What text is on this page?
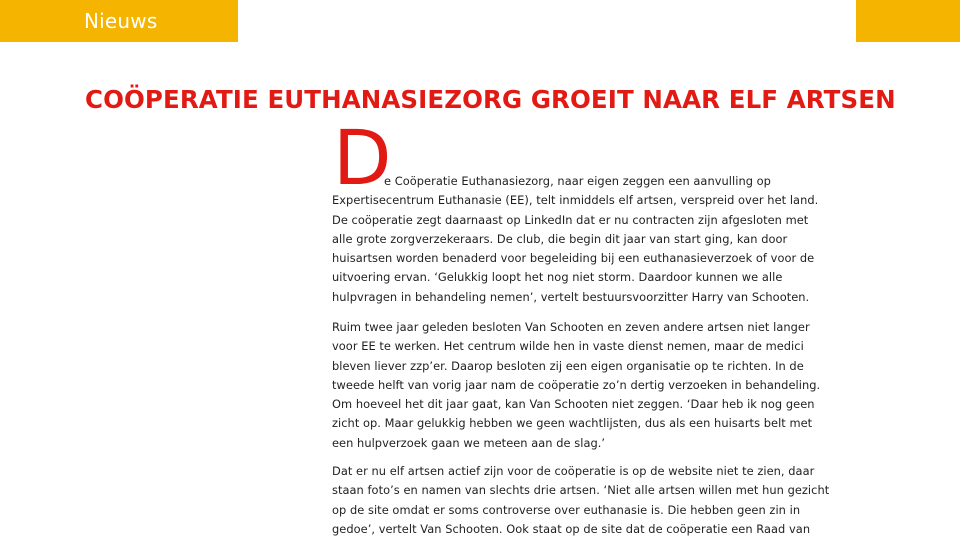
Nieuws
COÖPERATIE EUTHANASIEZORG GROEIT NAAR ELF ARTSEN
D

e Coöperatie Euthanasiezorg, naar eigen zeggen een aanvulling op
Expertisecentrum Euthanasie (EE), telt inmiddels elf artsen, verspreid over het land.
De coöperatie zegt daarnaast op LinkedIn dat er nu contracten zijn afgesloten met
alle grote zorgverzekeraars. De club, die begin dit jaar van start ging, kan door
huisartsen worden benaderd voor begeleiding bij een euthanasieverzoek of voor de
uitvoering ervan. ‘Gelukkig loopt het nog niet storm. Daardoor kunnen we alle
hulpvragen in behandeling nemen’, vertelt bestuursvoorzitter Harry van Schooten.

Ruim twee jaar geleden besloten Van Schooten en zeven andere artsen niet langer
voor EE te werken. Het centrum wilde hen in vaste dienst nemen, maar de medici
bleven liever zzp’er. Daarop besloten zij een eigen organisatie op te richten. In de
tweede helft van vorig jaar nam de coöperatie zo’n dertig verzoeken in behandeling.
Om hoeveel het dit jaar gaat, kan Van Schooten niet zeggen. ‘Daar heb ik nog geen
zicht op. Maar gelukkig hebben we geen wachtlijsten, dus als een huisarts belt met
een hulpverzoek gaan we meteen aan de slag.’

Dat er nu elf artsen actief zijn voor de coöperatie is op de website niet te zien, daar
staan foto’s en namen van slechts drie artsen. ‘Niet alle artsen willen met hun gezicht
op de site omdat er soms controverse over euthanasie is. Die hebben geen zin in
gedoe’, vertelt Van Schooten. Ook staat op de site dat de coöperatie een Raad van
